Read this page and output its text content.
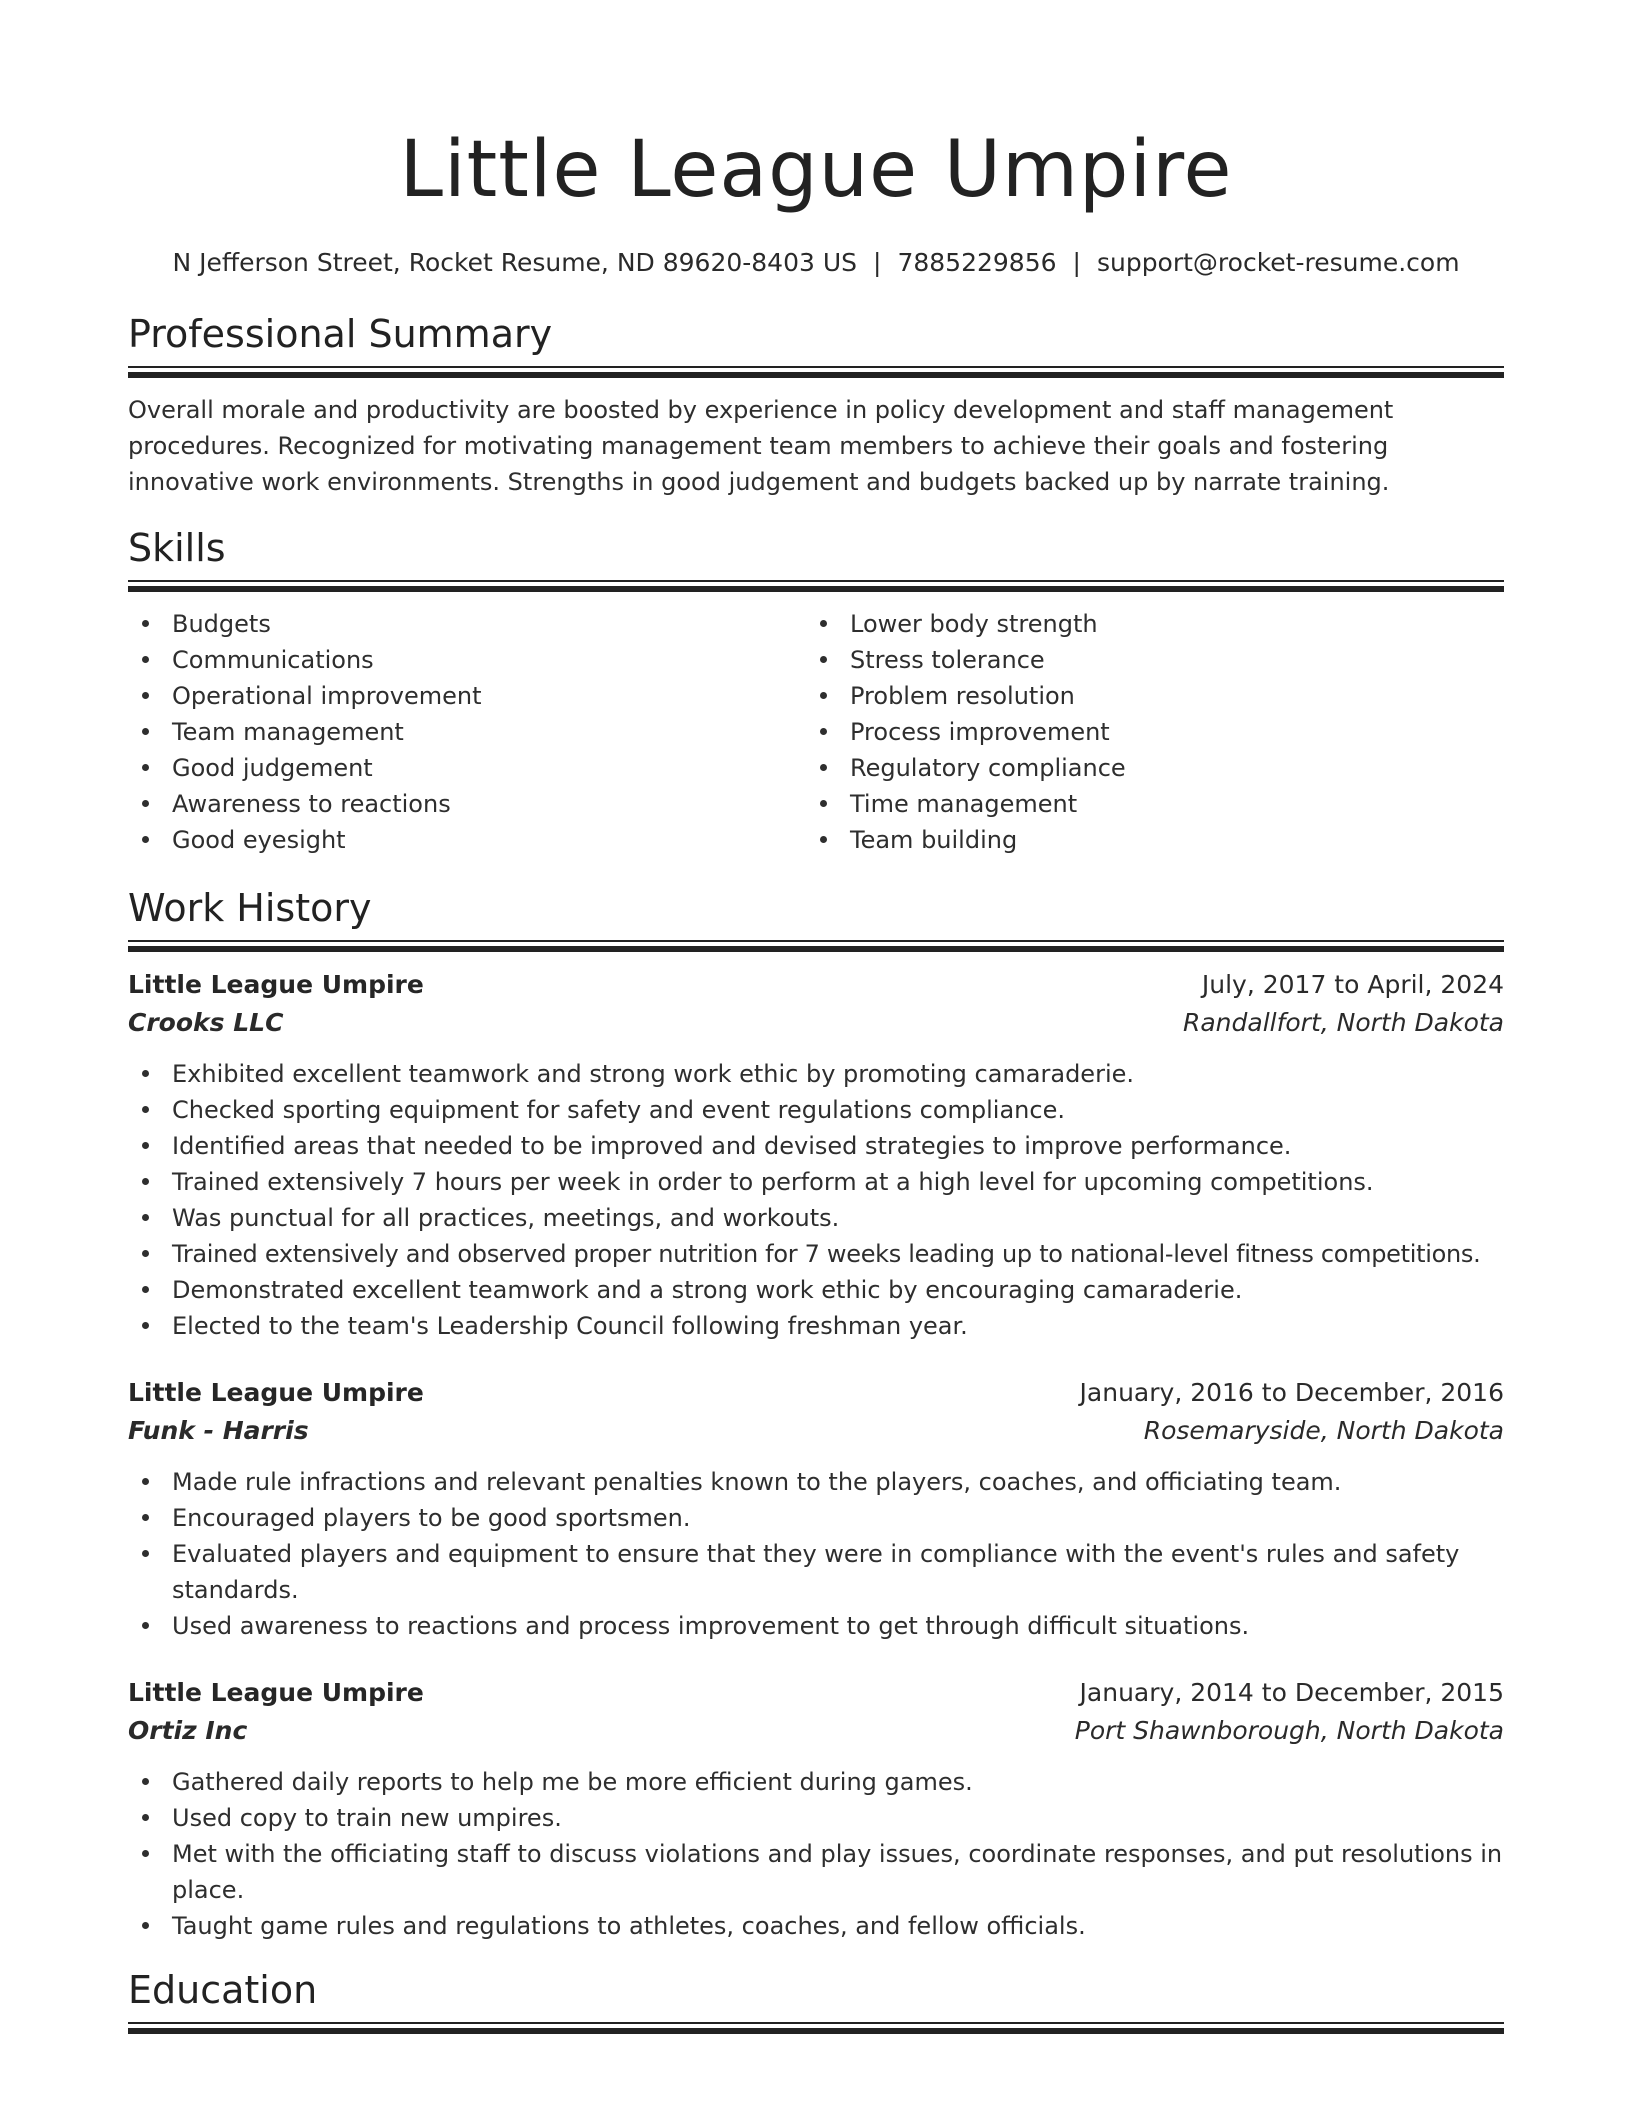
Little League Umpire
N Jefferson Street, Rocket Resume, ND 89620-8403 US | 7885229856 | support@rocket-resume.com
Professional Summary

Overall morale and productivity are boosted by experience in policy development and staff management procedures. Recognized for motivating management team members to achieve their goals and fostering innovative work environments. Strengths in good judgement and budgets backed up by narrate training.

Skills
Budgets
Communications
Operational improvement
Team management
Good judgement
Awareness to reactions
Good eyesight
Lower body strength
Stress tolerance
Problem resolution
Process improvement
Regulatory compliance
Time management
Team building
Work History
Little League Umpire	July, 2017 to April, 2024
Crooks LLC	Randallfort, North Dakota
Exhibited excellent teamwork and strong work ethic by promoting camaraderie.
Checked sporting equipment for safety and event regulations compliance.
Identified areas that needed to be improved and devised strategies to improve performance.
Trained extensively 7 hours per week in order to perform at a high level for upcoming competitions.
Was punctual for all practices, meetings, and workouts.
Trained extensively and observed proper nutrition for 7 weeks leading up to national-level fitness competitions.
Demonstrated excellent teamwork and a strong work ethic by encouraging camaraderie.
Elected to the team's Leadership Council following freshman year.
Little League Umpire	January, 2016 to December, 2016
Funk - Harris	Rosemaryside, North Dakota
Made rule infractions and relevant penalties known to the players, coaches, and officiating team.
Encouraged players to be good sportsmen.
Evaluated players and equipment to ensure that they were in compliance with the event's rules and safety standards.
Used awareness to reactions and process improvement to get through difficult situations.
Little League Umpire	January, 2014 to December, 2015
Ortiz Inc	Port Shawnborough, North Dakota
Gathered daily reports to help me be more efficient during games.
Used copy to train new umpires.
Met with the officiating staff to discuss violations and play issues, coordinate responses, and put resolutions in place.
Taught game rules and regulations to athletes, coaches, and fellow officials.
Education
